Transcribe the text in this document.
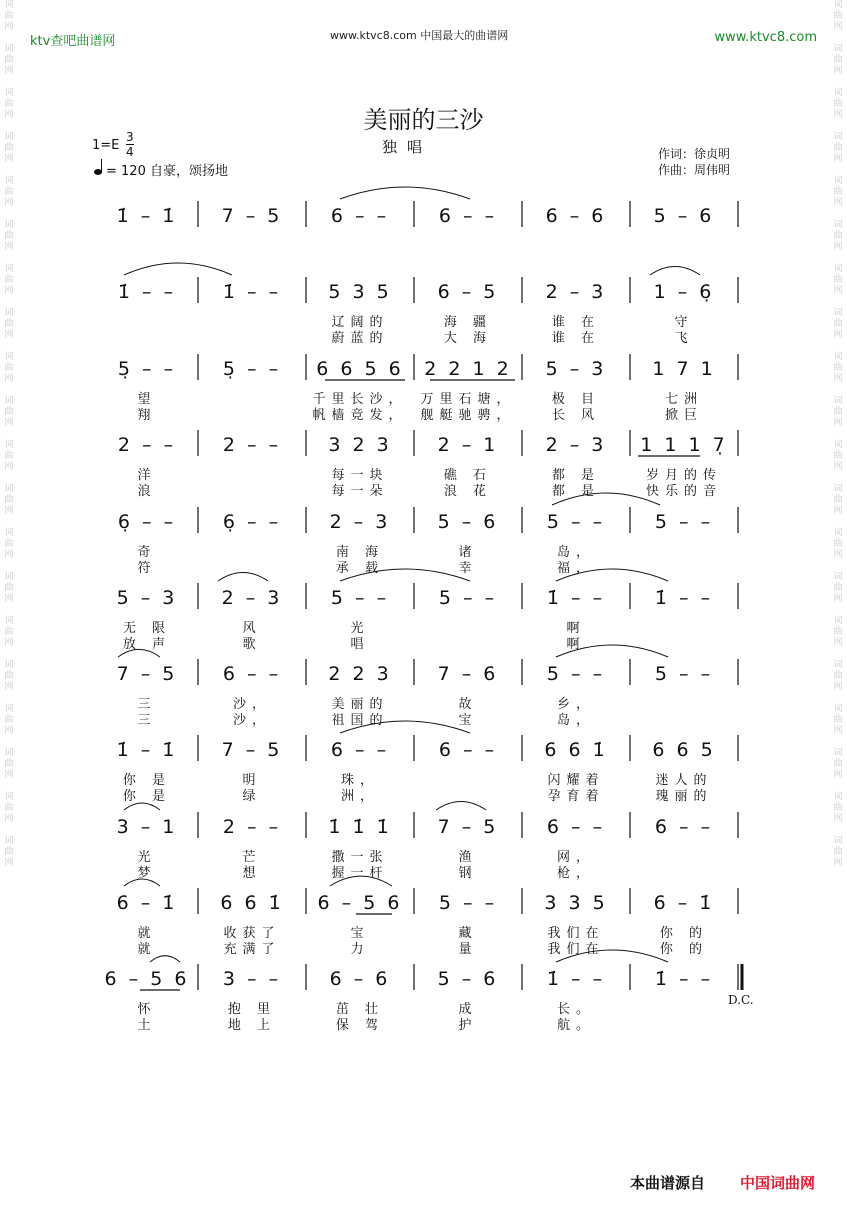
词
曲
网

词
曲
网

词
曲
网

词
曲
网

词
曲
网

词
曲
网

词
曲
网

词
曲
网

词
曲
网

词
曲
网

词
曲
网

词
曲
网

词
曲
网

词
曲
网

词
曲
网

词
曲
网

词
曲
网

词
曲
网

词
曲
网

词
曲
网

词
曲
网

词
曲
网

词
曲
网

词
曲
网

词
曲
网

词
曲
网

词
曲
网

词
曲
网

词
曲
网

词
曲
网

词
曲
网

词
曲
网

词
曲
网

词
曲
网

词
曲
网

词
曲
网

词
曲
网

词
曲
网

词
曲
网

词
曲
网

ktv查吧曲谱网	www.ktvc8.com 中国最大的曲谱网	www.ktvc8.com
美丽的三沙
独唱
1=E
3
4
= 120 自豪，颂扬地
作词：徐贞明
作曲：周伟明
1̇ – 1̇ 7 – 5	6 – –	6 – –	6 – 6 5 – 6
1̇ – – 1̇ – – 5 3 5
辽阔的
蔚蓝的
6 – 5
海 疆
大 海
2 – 3
谁 在
谁 在
1 – 6̣
守
飞
5̣ – –
望
翔
5̣ – – 6 6 5 6
千里长沙，
帆樯竞发，
2 2 1 2
万里石塘，
舰艇驰骋，
5 – 3
极 目
长 风
1 7 1
七洲
掀巨
2 – –
洋
浪
2 – – 3 2 3
每一块
每一朵
2 – 1
礁 石
浪 花
2 – 3
都 是
都 是
1 1 1 7̣
岁月的传
快乐的音
6̣ – –
奇
符
6̣ – –	2 – 3
南 海
承 载
5 – 6
诸
幸
5 – –
岛，
福，
5 – –
5 – 3
无 限
放 声
2 – 3
风
歌
5 – –
光
唱
5 – –	1̇ – –
啊
啊
1̇ – –
7 – 5
三
三
6 – –
沙，
沙，
2 2 3
美丽的
祖国的
7 – 6
故
宝
5 – –
乡，
岛，
5 – –
1̇ – 1̇
你 是
你 是
7 – 5
明
绿
6 – –
珠，
洲，
6 – – 6 6 1̇
闪耀着
孕育着
6 6 5
迷人的
瑰丽的
3 – 1
光
梦
2 – –
芒
想
1̇ 1̇ 1̇
撒一张
握一杆
7 – 5
渔
钢
6 – –
网，
枪，
6 – –
6 – 1̇
就
就
6 6 1̇
收获了
充满了
6 – 5 6
宝
力
5 – –
藏
量
3 3 5
我们在
我们在
6 – 1̇
你 的
你 的
6 – 5 6
怀
土
3 – –
抱 里
地 上
6 – 6
茁 壮
保 驾
5 – 6
成
护
1̇ – –
长。
航。
1̇ – –
D.C.
本曲谱源自 中国词曲网
